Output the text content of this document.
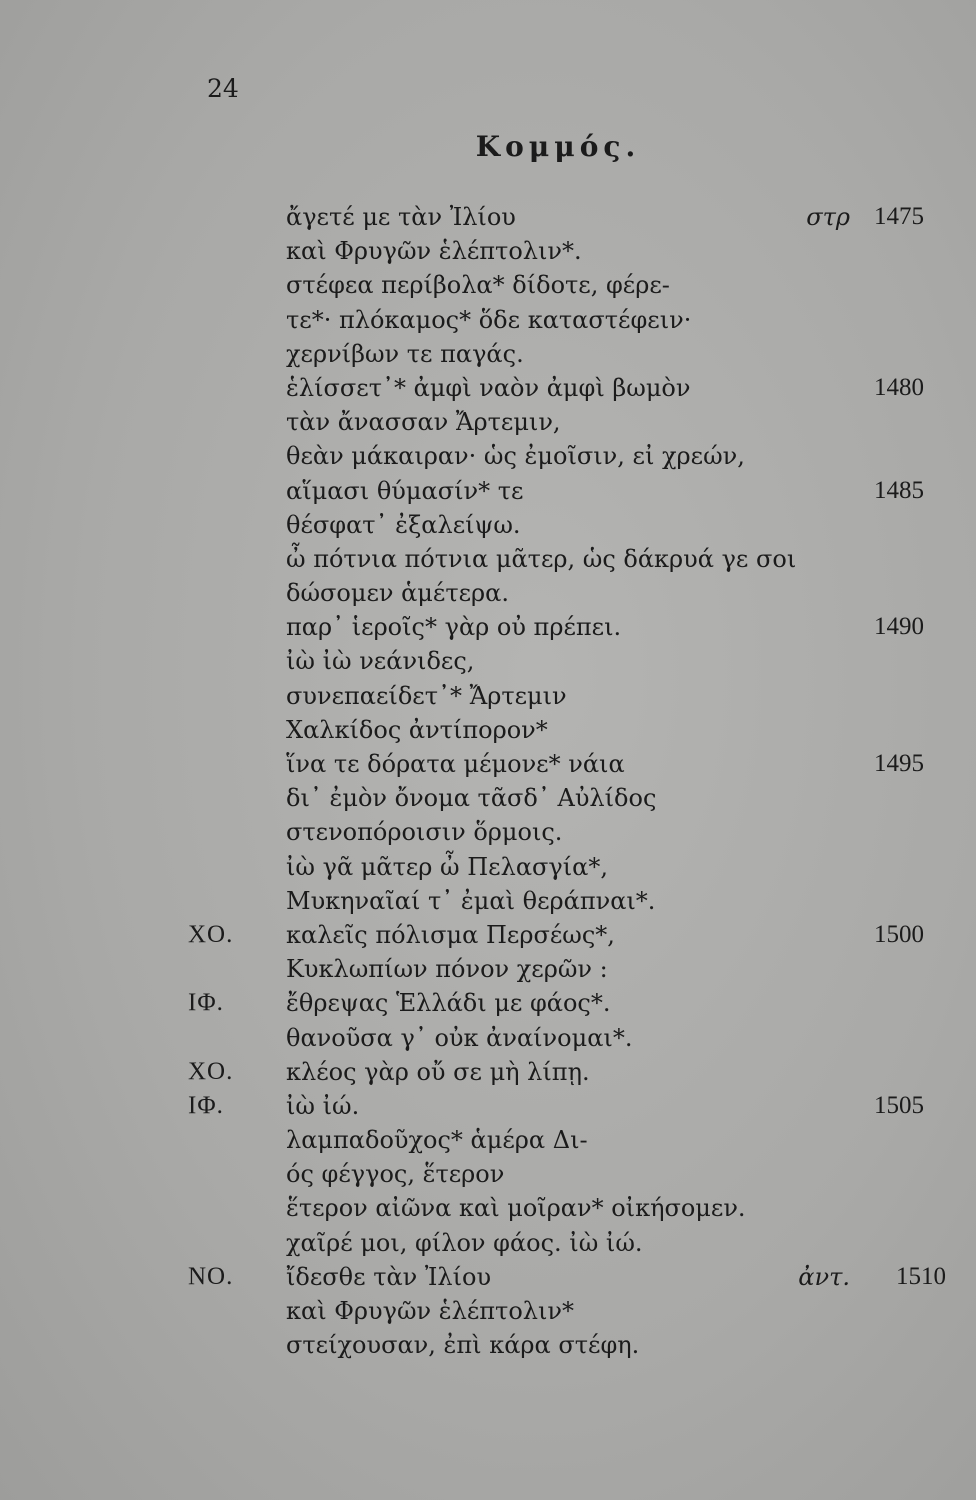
24
Κομμός.
ἄγετέ με τὰν Ἰλίου	στρ 1475
καὶ Φρυγῶν ἑλέπτολιν*.
στέφεα περίβολα* δίδοτε, φέρε-
τε*· πλόκαμος* ὅδε καταστέφειν·
χερνίβων τε παγάς.
ἑλίσσετ᾽* ἀμφὶ ναὸν ἀμφὶ βωμὸν	1480
τὰν ἄνασσαν Ἄρτεμιν,
θεὰν μάκαιραν· ὡς ἐμοῖσιν, εἰ χρεών,
αἵμασι θύμασίν* τε	1485
θέσφατ᾽ ἐξαλείψω.
ὦ πότνια πότνια μᾶτερ, ὡς δάκρυά γε σοι
δώσομεν ἁμέτερα.
παρ᾽ ἱεροῖς* γὰρ οὐ πρέπει.	1490
ἰὼ ἰὼ νεάνιδες,
συνεπαείδετ᾽* Ἄρτεμιν
Χαλκίδος ἀντίπορον*
ἵνα τε δόρατα μέμονε* νάια	1495
δι᾽ ἐμὸν ὄνομα τᾶσδ᾽ Αὐλίδος
στενοπόροισιν ὅρμοις.
ἰὼ γᾶ μᾶτερ ὦ Πελασγία*,
Μυκηναῖαί τ᾽ ἐμαὶ θεράπναι*.
ΧΟ. καλεῖς πόλισμα Περσέως*,	1500
Κυκλωπίων πόνον χερῶν :
ΙΦ.	ἔθρεψας Ἑλλάδι με φάος*.
θανοῦσα γ᾽ οὐκ ἀναίνομαι*.
ΧΟ. κλέος γὰρ οὔ σε μὴ λίπῃ.
ΙΦ.	ἰὼ ἰώ.	1505
λαμπαδοῦχος* ἁμέρα Δι-
ός φέγγος, ἕτερον
ἕτερον αἰῶνα καὶ μοῖραν* οἰκήσομεν.
χαῖρέ μοι, φίλον φάος. ἰὼ ἰώ.
ΝΟ. ἴδεσθε τὰν Ἰλίου	ἀντ. 1510
καὶ Φρυγῶν ἑλέπτολιν*
στείχουσαν, ἐπὶ κάρα στέφη.
